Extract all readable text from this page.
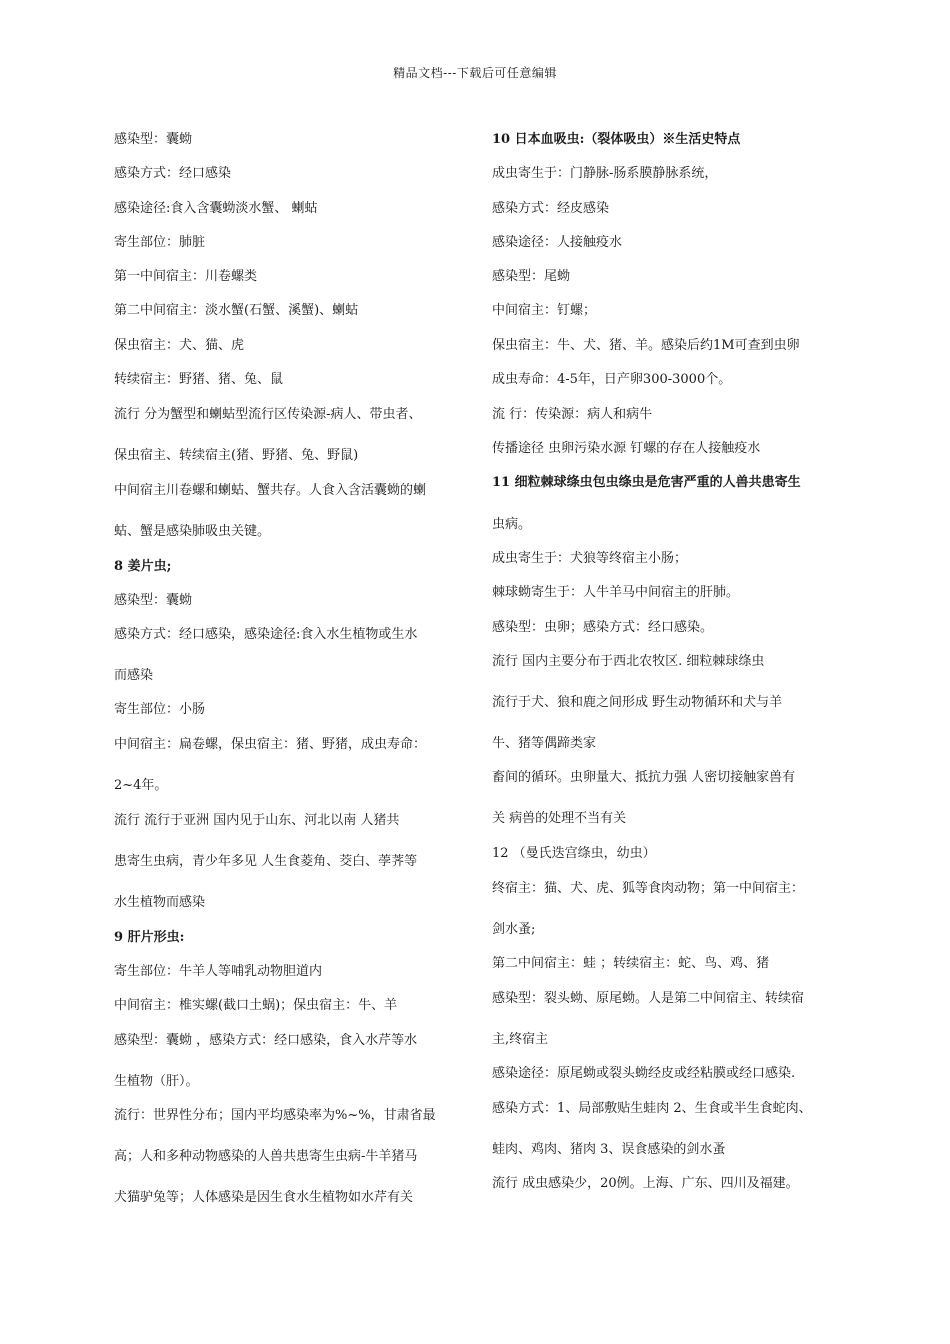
精品文档---下载后可任意编辑
感染型：囊蚴
感染方式：经口感染
感染途径:食入含囊蚴淡水蟹、 蝲蛄
寄生部位：肺脏
第一中间宿主：川卷螺类
第二中间宿主：淡水蟹(石蟹、溪蟹)、蝲蛄
保虫宿主：犬、猫、虎
转续宿主：野猪、猪、兔、鼠
流行 分为蟹型和蝲蛄型流行区传染源-病人、带虫者、
保虫宿主、转续宿主(猪、野猪、兔、野鼠)
中间宿主川卷螺和蝲蛄、蟹共存。人食入含活囊蚴的蝲
蛄、蟹是感染肺吸虫关键。
8 姜片虫;
感染型：囊蚴
感染方式：经口感染，感染途径:食入水生植物或生水
而感染
寄生部位：小肠
中间宿主：扁卷螺，保虫宿主：猪、野猪，成虫寿命：
2~4年。
流行 流行于亚洲 国内见于山东、河北以南 人猪共
患寄生虫病，青少年多见 人生食菱角、茭白、荸荠等
水生植物而感染
9 肝片形虫:
寄生部位：牛羊人等哺乳动物胆道内
中间宿主：椎实螺(截口土蜗)；保虫宿主：牛、羊
感染型：囊蚴 ，感染方式：经口感染，食入水芹等水
生植物（肝）。
流行：世界性分布；国内平均感染率为%~%，甘肃省最
高；人和多种动物感染的人兽共患寄生虫病-牛羊猪马
犬猫驴兔等；人体感染是因生食水生植物如水芹有关
10 日本血吸虫:（裂体吸虫）※生活史特点
成虫寄生于：门静脉-肠系膜静脉系统，
感染方式：经皮感染
感染途径：人接触疫水
感染型：尾蚴
中间宿主：钉螺；
保虫宿主：牛、犬、猪、羊。感染后约1M可查到虫卵
成虫寿命：4-5年，日产卵300-3000个。
流 行：传染源：病人和病牛
传播途径 虫卵污染水源 钉螺的存在人接触疫水
11 细粒棘球绦虫包虫绦虫是危害严重的人兽共患寄生
虫病。
成虫寄生于：犬狼等终宿主小肠；
棘球蚴寄生于：人牛羊马中间宿主的肝肺。
感染型：虫卵；感染方式：经口感染。
流行 国内主要分布于西北农牧区. 细粒棘球绦虫
流行于犬、狼和鹿之间形成 野生动物循环和犬与羊
牛、猪等偶蹄类家
畜间的循环。虫卵量大、抵抗力强 人密切接触家兽有
关 病兽的处理不当有关
12 （曼氏迭宫绦虫，幼虫）
终宿主：猫、犬、虎、狐等食肉动物；第一中间宿主：
剑水蚤;
第二中间宿主：蛙 ；转续宿主：蛇、鸟、鸡、猪
感染型：裂头蚴、原尾蚴。人是第二中间宿主、转续宿
主,终宿主
感染途径：原尾蚴或裂头蚴经皮或经粘膜或经口感染.
感染方式：1、局部敷贴生蛙肉 2、生食或半生食蛇肉、
蛙肉、鸡肉、猪肉 3、误食感染的剑水蚤
流行 成虫感染少，20例。上海、广东、四川及福建。
